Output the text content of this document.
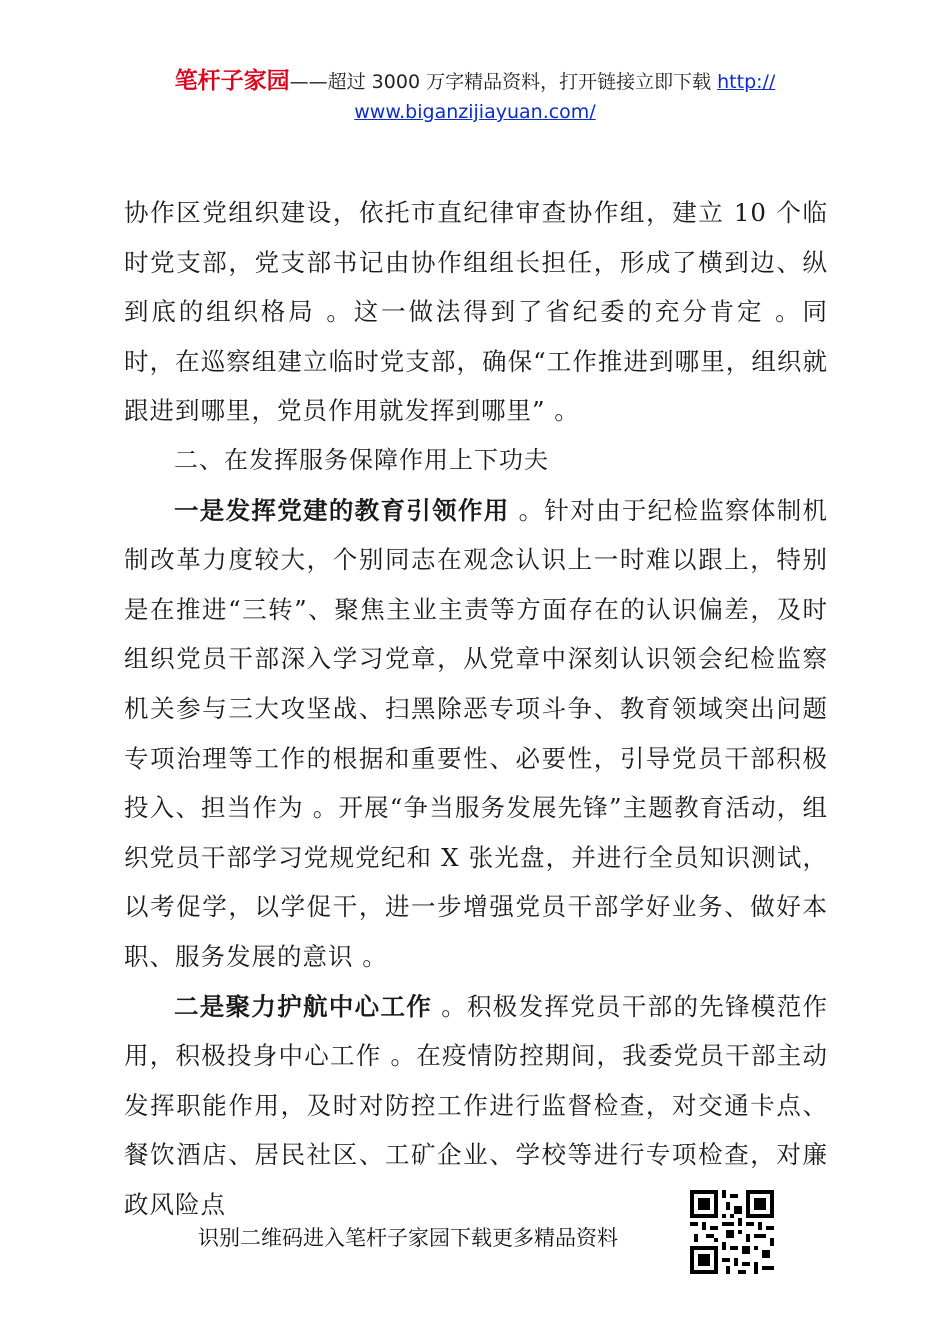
笔杆子家园——超过 3000 万字精品资料，打开链接立即下载 http://
www.biganzijiayuan.com/

协作区党组织建设，依托市直纪律审查协作组，建立 10 个临时党支部，党支部书记由协作组组长担任，形成了横到边、纵到底的组织格局 。这一做法得到了省纪委的充分肯定 。同时，在巡察组建立临时党支部，确保“工作推进到哪里，组织就跟进到哪里，党员作用就发挥到哪里” 。

二、在发挥服务保障作用上下功夫

一是发挥党建的教育引领作用 。针对由于纪检监察体制机制改革力度较大，个别同志在观念认识上一时难以跟上，特别是在推进“三转”、聚焦主业主责等方面存在的认识偏差，及时组织党员干部深入学习党章，从党章中深刻认识领会纪检监察机关参与三大攻坚战、扫黑除恶专项斗争、教育领域突出问题专项治理等工作的根据和重要性、必要性，引导党员干部积极投入、担当作为 。开展“争当服务发展先锋”主题教育活动，组织党员干部学习党规党纪和 X 张光盘，并进行全员知识测试，以考促学，以学促干，进一步增强党员干部学好业务、做好本职、服务发展的意识 。

二是聚力护航中心工作 。积极发挥党员干部的先锋模范作用，积极投身中心工作 。在疫情防控期间，我委党员干部主动发挥职能作用，及时对防控工作进行监督检查，对交通卡点、餐饮酒店、居民社区、工矿企业、学校等进行专项检查，对廉政风险点

识别二维码进入笔杆子家园下载更多精品资料
